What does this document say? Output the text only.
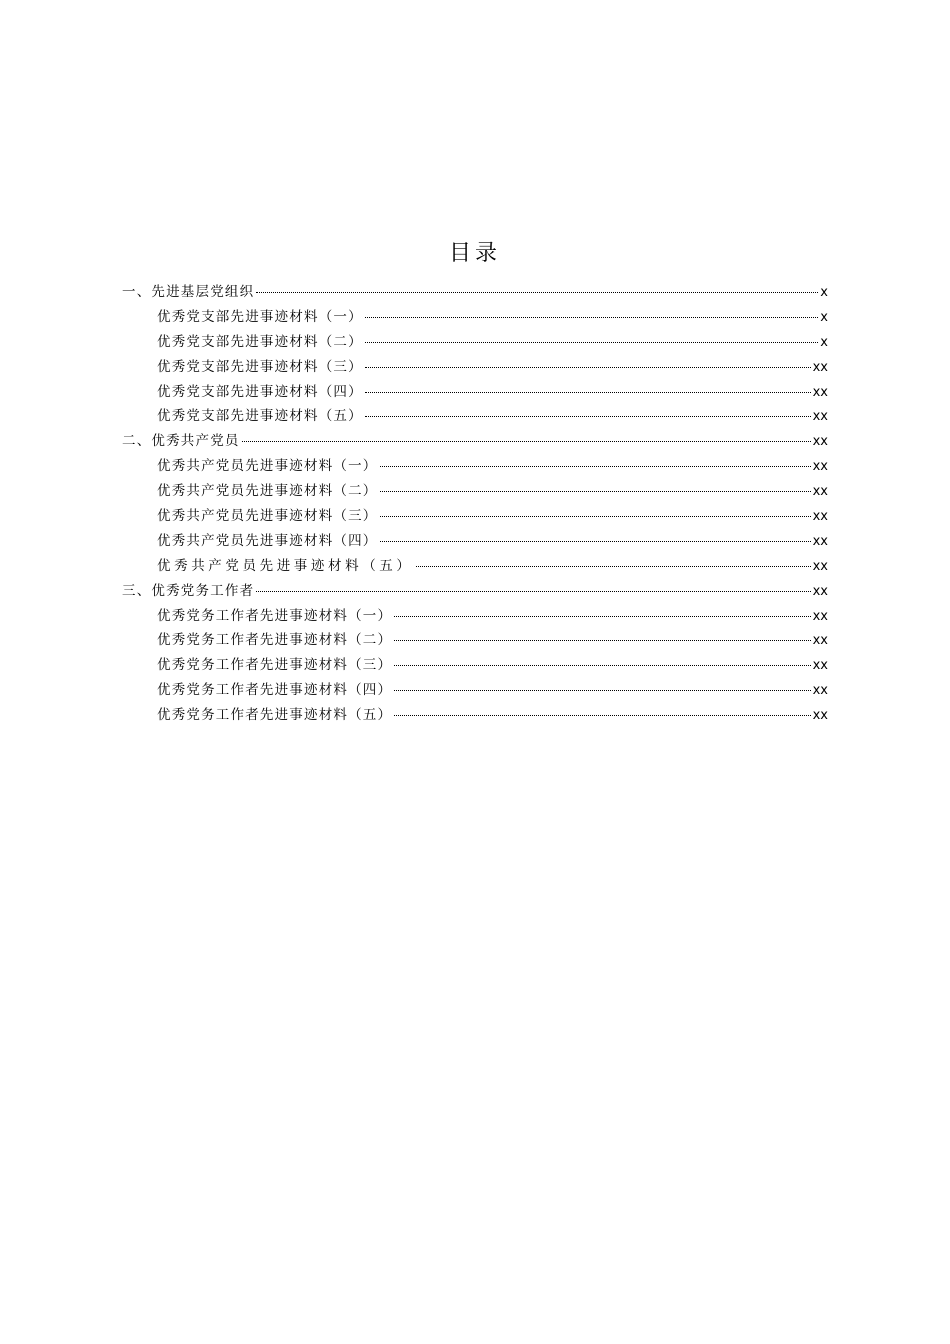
目录
一、先进基层党组织	x
优秀党支部先进事迹材料（一）	x
优秀党支部先进事迹材料（二）	x
优秀党支部先进事迹材料（三）	xx
优秀党支部先进事迹材料（四）	xx
优秀党支部先进事迹材料（五）	xx
二、优秀共产党员	xx
优秀共产党员先进事迹材料（一）	xx
优秀共产党员先进事迹材料（二）	xx
优秀共产党员先进事迹材料（三）	xx
优秀共产党员先进事迹材料（四）	xx
优秀共产党员先进事迹材料（五）	xx
三、优秀党务工作者	xx
优秀党务工作者先进事迹材料（一）	xx
优秀党务工作者先进事迹材料（二）	xx
优秀党务工作者先进事迹材料（三）	xx
优秀党务工作者先进事迹材料（四）	xx
优秀党务工作者先进事迹材料（五）	xx
